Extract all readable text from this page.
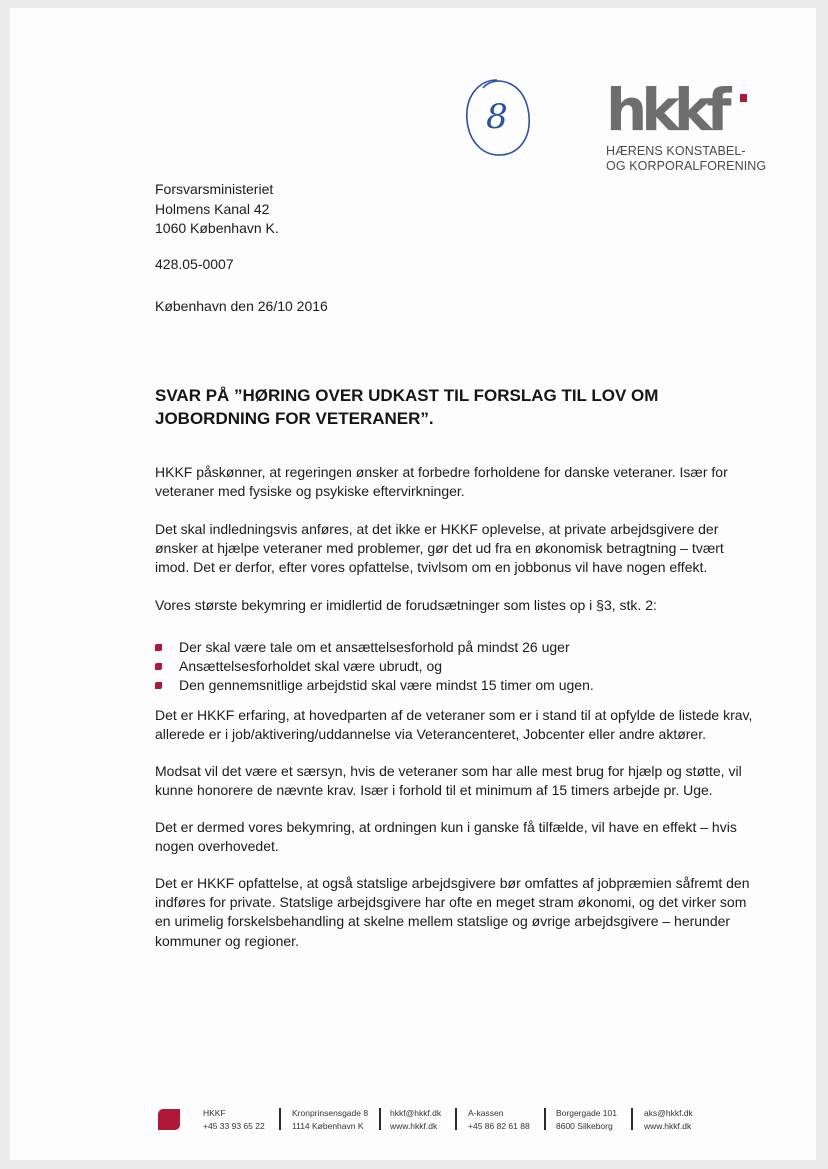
8 hkkf
HÆRENS KONSTABEL-
OG KORPORALFORENING
Forsvarsministeriet
Holmens Kanal 42
1060 København K.
428.05-0007
København den 26/10 2016
SVAR PÅ ”HØRING OVER UDKAST TIL FORSLAG TIL LOV OM JOBORDNING FOR VETERANER”.
HKKF påskønner, at regeringen ønsker at forbedre forholdene for danske veteraner. Især for veteraner med fysiske og psykiske eftervirkninger.
Det skal indledningsvis anføres, at det ikke er HKKF oplevelse, at private arbejdsgivere der ønsker at hjælpe veteraner med problemer, gør det ud fra en økonomisk betragtning – tvært imod. Det er derfor, efter vores opfattelse, tvivlsom om en jobbonus vil have nogen effekt.
Vores største bekymring er imidlertid de forudsætninger som listes op i §3, stk. 2:
Der skal være tale om et ansættelsesforhold på mindst 26 uger
Ansættelsesforholdet skal være ubrudt, og
Den gennemsnitlige arbejdstid skal være mindst 15 timer om ugen.
Det er HKKF erfaring, at hovedparten af de veteraner som er i stand til at opfylde de listede krav, allerede er i job/aktivering/uddannelse via Veterancenteret, Jobcenter eller andre aktører.
Modsat vil det være et særsyn, hvis de veteraner som har alle mest brug for hjælp og støtte, vil kunne honorere de nævnte krav. Især i forhold til et minimum af 15 timers arbejde pr. Uge.
Det er dermed vores bekymring, at ordningen kun i ganske få tilfælde, vil have en effekt – hvis nogen overhovedet.
Det er HKKF opfattelse, at også statslige arbejdsgivere bør omfattes af jobpræmien såfremt den indføres for private. Statslige arbejdsgivere har ofte en meget stram økonomi, og det virker som en urimelig forskelsbehandling at skelne mellem statslige og øvrige arbejdsgivere – herunder kommuner og regioner.
HKKF
+45 33 93 65 22
Kronprinsensgade 8
1114 København K
hkkf@hkkf.dk
www.hkkf.dk
A-kassen
+45 86 82 61 88
Borgergade 101
8600 Silkeborg
aks@hkkf.dk
www.hkkf.dk
